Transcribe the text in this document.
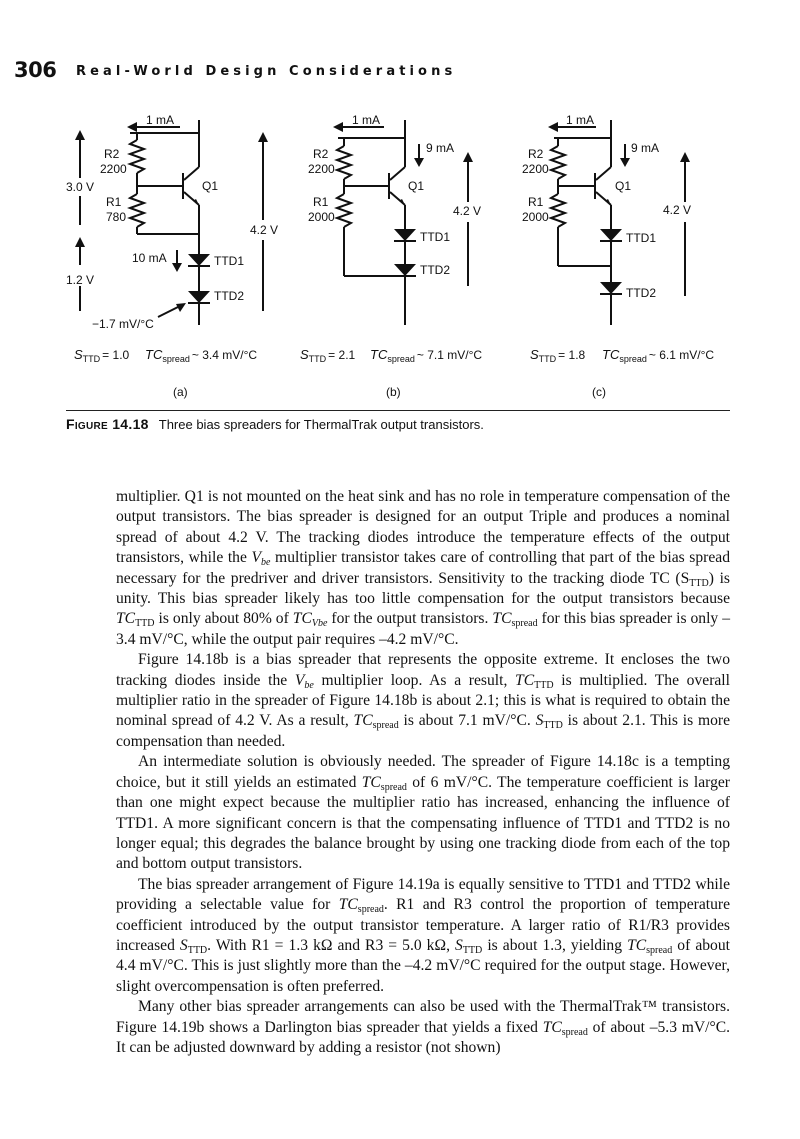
306 Real-World Design Considerations
1 mA
R2
2200
R1
780
Q1
3.0 V
4.2 V
1.2 V
10 mA	TTD1
TTD2
−1.7 mV/°C
$S_{TTD} = 1.0$ $TC_{spread}$ ~ 3.4 mV/°C
(a)
1 mA
9 mA
R2
2200
R1
2000
Q1
4.2 V
TTD1
TTD2
$S_{TTD} = 2.1$ $TC_{spread}$ ~ 7.1 mV/°C
(b)
1 mA
9 mA
R2
2200
R1
2000
Q1
4.2 V
TTD1
TTD2
$S_{TTD} = 1.8$ $TC_{spread}$ ~ 6.1 mV/°C
(c)
Figure 14.18 Three bias spreaders for ThermalTrak output transistors.

multiplier. Q1 is not mounted on the heat sink and has no role in temperature compensation of the output transistors. The bias spreader is designed for an output Triple and produces a nominal spread of about 4.2 V. The tracking diodes introduce the temperature effects of the output transistors, while the $V_{be}$ multiplier transistor takes care of controlling that part of the bias spread necessary for the predriver and driver transistors. Sensitivity to the tracking diode TC $(S_{TTD})$ is unity. This bias spreader likely has too little compensation for the output transistors because $TC_{TTD}$ is only about 80% of $TC_{Vbe}$ for the output transistors. $TC_{spread}$ for this bias spreader is only –3.4 mV/°C, while the output pair requires –4.2 mV/°C.

Figure 14.18b is a bias spreader that represents the opposite extreme. It encloses the two tracking diodes inside the $V_{be}$ multiplier loop. As a result, $TC_{TTD}$ is multiplied. The overall multiplier ratio in the spreader of Figure 14.18b is about 2.1; this is what is required to obtain the nominal spread of 4.2 V. As a result, $TC_{spread}$ is about 7.1 mV/°C. $S_{TTD}$ is about 2.1. This is more compensation than needed.

An intermediate solution is obviously needed. The spreader of Figure 14.18c is a tempting choice, but it still yields an estimated $TC_{spread}$ of 6 mV/°C. The temperature coefficient is larger than one might expect because the multiplier ratio has increased, enhancing the influence of TTD1. A more significant concern is that the compensating influence of TTD1 and TTD2 is no longer equal; this degrades the balance brought by using one tracking diode from each of the top and bottom output transistors.

The bias spreader arrangement of Figure 14.19a is equally sensitive to TTD1 and TTD2 while providing a selectable value for $TC_{spread}$. R1 and R3 control the proportion of temperature coefficient introduced by the output transistor temperature. A larger ratio of R1/R3 provides increased $S_{TTD}$. With R1 = 1.3 kΩ and R3 = 5.0 kΩ, $S_{TTD}$ is about 1.3, yielding $TC_{spread}$ of about 4.4 mV/°C. This is just slightly more than the –4.2 mV/°C required for the output stage. However, slight overcompensation is often preferred.

Many other bias spreader arrangements can also be used with the ThermalTrak™ transistors. Figure 14.19b shows a Darlington bias spreader that yields a fixed $TC_{spread}$ of about –5.3 mV/°C. It can be adjusted downward by adding a resistor (not shown)
